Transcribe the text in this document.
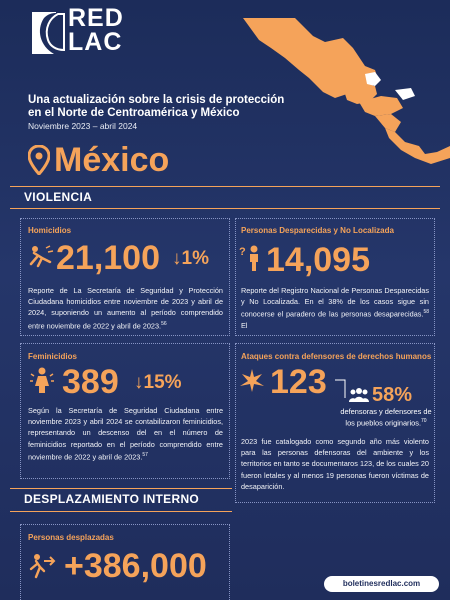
RED
LAC
Una actualización sobre la crisis de protección en el Norte de Centroamérica y México
Noviembre 2023 – abril 2024
México
VIOLENCIA
Homicidios
21,100 ↓1%
Reporte de La Secretaría de Seguridad y Protección Ciudadana homicidios entre noviembre de 2023 y abril de 2024, suponiendo un aumento al período comprendido entre noviembre de 2022 y abril de 2023.56
Personas Desparecidas y No Localizada
? 14,095
Reporte del Registro Nacional de Personas Desparecidas y No Localizada. En el 38% de los casos sigue sin conocerse el paradero de las personas desaparecidas.$^{58}$ El
Feminicidios
389 ↓15%
Según la Secretaría de Seguridad Ciudadana entre noviembre 2023 y abril 2024 se contabilizaron feminicidios, representando un descenso del en el número de feminicidios reportado en el período comprendido entre noviembre de 2022 y abril de 2023.57
Ataques contra defensores de derechos humanos
123 58%
defensoras y defensores de los pueblos originarios.$^{70}$
2023 fue catalogado como segundo año más violento para las personas defensoras del ambiente y los territorios en tanto se documentaros 123, de los cuales 20 fueron letales y al menos 19 personas fueron víctimas de desaparición.
DESPLAZAMIENTO INTERNO
Personas desplazadas
+386,000	boletinesredlac.com
